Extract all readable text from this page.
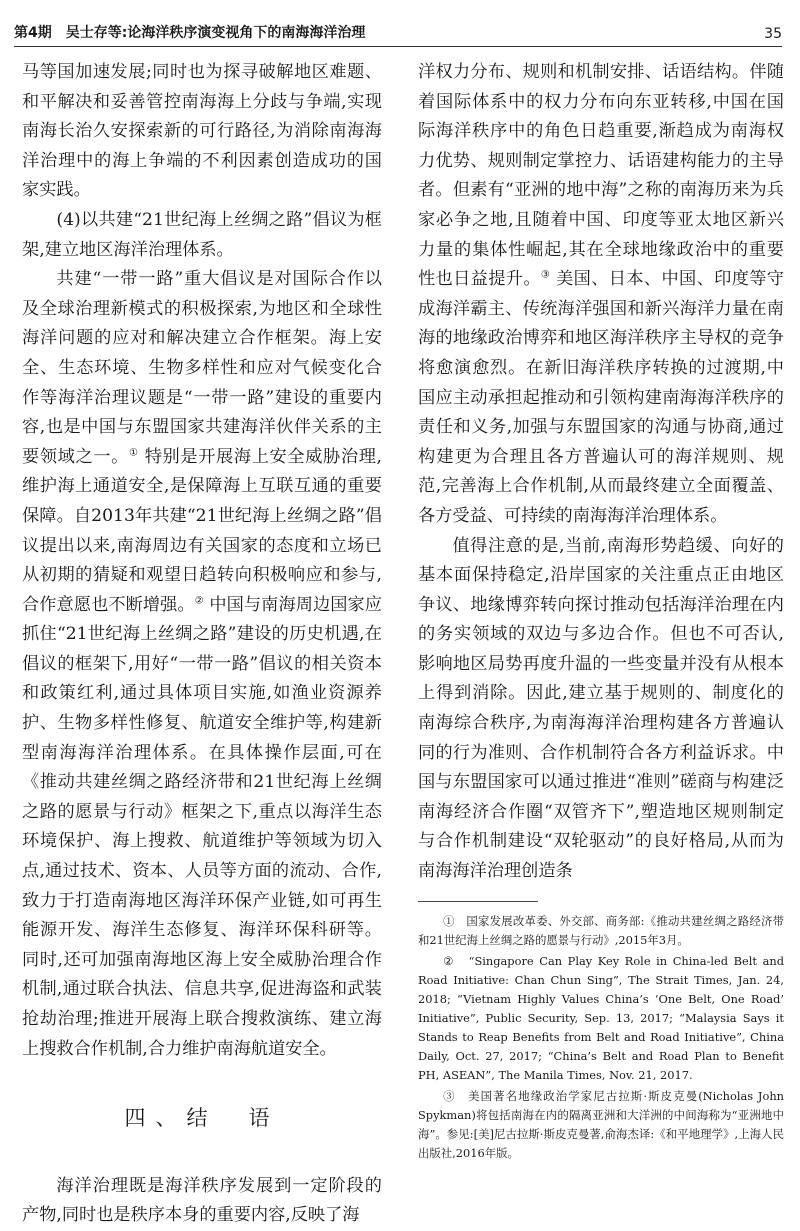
第4期　吴士存等:论海洋秩序演变视角下的南海海洋治理	35

马等国加速发展;同时也为探寻破解地区难题、和平解决和妥善管控南海海上分歧与争端,实现南海长治久安探索新的可行路径,为消除南海海洋治理中的海上争端的不利因素创造成功的国家实践。

(4)以共建“21世纪海上丝绸之路”倡议为框架,建立地区海洋治理体系。

共建“一带一路”重大倡议是对国际合作以及全球治理新模式的积极探索,为地区和全球性海洋问题的应对和解决建立合作框架。海上安全、生态环境、生物多样性和应对气候变化合作等海洋治理议题是“一带一路”建设的重要内容,也是中国与东盟国家共建海洋伙伴关系的主要领域之一。① 特别是开展海上安全威胁治理,维护海上通道安全,是保障海上互联互通的重要保障。自2013年共建“21世纪海上丝绸之路”倡议提出以来,南海周边有关国家的态度和立场已从初期的猜疑和观望日趋转向积极响应和参与,合作意愿也不断增强。② 中国与南海周边国家应抓住“21世纪海上丝绸之路”建设的历史机遇,在倡议的框架下,用好“一带一路”倡议的相关资本和政策红利,通过具体项目实施,如渔业资源养护、生物多样性修复、航道安全维护等,构建新型南海海洋治理体系。在具体操作层面,可在《推动共建丝绸之路经济带和21世纪海上丝绸之路的愿景与行动》框架之下,重点以海洋生态环境保护、海上搜救、航道维护等领域为切入点,通过技术、资本、人员等方面的流动、合作,致力于打造南海地区海洋环保产业链,如可再生能源开发、海洋生态修复、海洋环保科研等。同时,还可加强南海地区海上安全威胁治理合作机制,通过联合执法、信息共享,促进海盗和武装抢劫治理;推进开展海上联合搜救演练、建立海上搜救合作机制,合力维护南海航道安全。

四、结　语

海洋治理既是海洋秩序发展到一定阶段的产物,同时也是秩序本身的重要内容,反映了海

洋权力分布、规则和机制安排、话语结构。伴随着国际体系中的权力分布向东亚转移,中国在国际海洋秩序中的角色日趋重要,渐趋成为南海权力优势、规则制定掌控力、话语建构能力的主导者。但素有“亚洲的地中海”之称的南海历来为兵家必争之地,且随着中国、印度等亚太地区新兴力量的集体性崛起,其在全球地缘政治中的重要性也日益提升。③ 美国、日本、中国、印度等守成海洋霸主、传统海洋强国和新兴海洋力量在南海的地缘政治博弈和地区海洋秩序主导权的竞争将愈演愈烈。在新旧海洋秩序转换的过渡期,中国应主动承担起推动和引领构建南海海洋秩序的责任和义务,加强与东盟国家的沟通与协商,通过构建更为合理且各方普遍认可的海洋规则、规范,完善海上合作机制,从而最终建立全面覆盖、各方受益、可持续的南海海洋治理体系。

值得注意的是,当前,南海形势趋缓、向好的基本面保持稳定,沿岸国家的关注重点正由地区争议、地缘博弈转向探讨推动包括海洋治理在内的务实领域的双边与多边合作。但也不可否认,影响地区局势再度升温的一些变量并没有从根本上得到消除。因此,建立基于规则的、制度化的南海综合秩序,为南海海洋治理构建各方普遍认同的行为准则、合作机制符合各方利益诉求。中国与东盟国家可以通过推进“准则”磋商与构建泛南海经济合作圈“双管齐下”,塑造地区规则制定与合作机制建设“双轮驱动”的良好格局,从而为南海海洋治理创造条

①　国家发展改革委、外交部、商务部:《推动共建丝绸之路经济带和21世纪海上丝绸之路的愿景与行动》,2015年3月。

②　“Singapore Can Play Key Role in China-led Belt and Road Initiative: Chan Chun Sing”, The Strait Times, Jan. 24, 2018; “Vietnam Highly Values China’s ‘One Belt, One Road’ Initiative”, Public Security, Sep. 13, 2017; “Malaysia Says it Stands to Reap Benefits from Belt and Road Initiative”, China Daily, Oct. 27, 2017; “China’s Belt and Road Plan to Benefit PH, ASEAN”, The Manila Times, Nov. 21, 2017.

③　美国著名地缘政治学家尼古拉斯·斯皮克曼(Nicholas John Spykman)将包括南海在内的隔离亚洲和大洋洲的中间海称为“亚洲地中海”。参见:[美]尼古拉斯·斯皮克曼著,俞海杰译:《和平地理学》,上海人民出版社,2016年版。
